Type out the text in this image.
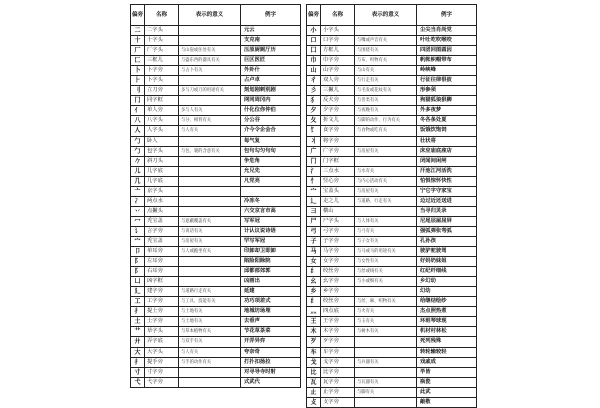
偏旁	名称	表示的意义	例字
二	二字头		元云
十	十字头		支克南
厂	厂字头	与山崖或住处有关	压原厨厕厅历
匚	三框儿	与盛东西的器具有关	巨区医匠
卜	卜字旁	与占卜有关	外卦什
⺊	卜字头		占卢卓
刂	立刀旁	多与刀或刀的用途有关	刻划刚刺别剧
冂	同字框		网同周冈内
亻	单人旁	多与人有关	什化位你仲伯
八	八字头	与分、相背有关	分公谷
人	人字头	与人有关	介今令企会合
勹	卧人		每气复
勹	包字头	与包、裹的含意有关	包句勾匀句旬
𠂊	斜刀头		争危角
儿	儿字底		允兄先
几	几字底		凡党亮
亠	京字头		
冫	两点水		冷冻冬
丷	点撇头		六交京言市高
冖	秃宝盖	与遮蔽覆盖有关	写军冠
讠	言字旁	与说话有关	计认议说诗语
宀	秃宝盖	与房屋有关	罕写军冠
卩	单耳旁	与人或跪坐有关	印卸却卫即卸
阝	左耳旁		陷险阳除院
阝	右耳旁		邱都部郊郭
凵	凶字框		凶画出
廴	建字旁	与道路行走有关	延建
工	工字旁	与工具、技能有关	功巧项差式
扌	提土旁	与土地有关	地城坊场埋
土	土字旁	与土地有关	去垂声
艹	草字头	与草本植物有关	节花草茶菜
廾	弄字底	与双手有关	开弄异弈
大	大字头	与人有关	夸奈奇
扌	提手旁	与手的动作有关	打扑扣扬拉
寸	寸字旁		对寻导寺时射
弋	弋字旁		式武代
偏旁	名称	表示的意义	例字
小	小字头		尘尖当肖尚党
口	口字旁	与嘴或声音有关	叶吐吃吹喉咬
囗	方框儿	与围绕有关	四团回图圆因
巾	巾字旁	与布、织物有关	帆帐帜帽带布
山	山字旁	与山有关	岭峡峰
彳	双人旁	与行走有关	行征往律很彼
彡	三撇儿	与毛发或花纹有关	形参须
犭	反犬旁	与兽类有关	狗猫狐狼狠狮
夕	夕字旁	与夜晚有关	外多夜梦
夂	折文儿	与脚的动作、行为有关	冬各条处夏
饣	食字旁	与食物或吃有关	饭饿饮饱饲
丬	将字旁		壮状将
广	广字旁	与房屋有关	床应庙底座店
门	门字框		闭闻间闲闸
氵	三点水	与水有关	汗池江河活洗
忄	竖心旁	与内心活动有关	怕惧惊怀快性
宀	宝盖头	与房屋有关	宁它字守家宝
辶	走之儿	与道路、行走有关	边过近还送进
彐	横山		当寻归灵录
尸	尸字头	与人体有关	尼尾层屋屈屏
弓	弓字旁	与弓有关	强弧弹张弯弧
子	子字旁	与子女有关	孔孙孩
马	马字旁	与马或马的用途有关	驶驴驼驶驾
女	女字旁	与女性有关	好妈奶妹姐
纟	绞丝旁	与丝或线有关	红纪纤细线
幺	幺字旁	与小或细有关	乡幻幼
乡	乡字旁		幻幼
纟	绞丝旁	与丝、麻、织物有关	给继结绘纱
灬	四点底	与火有关	杰点照热煮
王	王字旁	与玉有关	环班琴球现
木	木字旁	与树木有关	机材村林松
歹	歹字旁		死列残殊
车	车字旁		转轮输较轻
戈	戈字旁	与兵器有关	戏戚成
比	比字旁		毕皆
瓦	瓦字旁	与瓦器有关	瓶瓷
止	止字旁	与脚有关	此武
攴	攴字旁		敲敬
